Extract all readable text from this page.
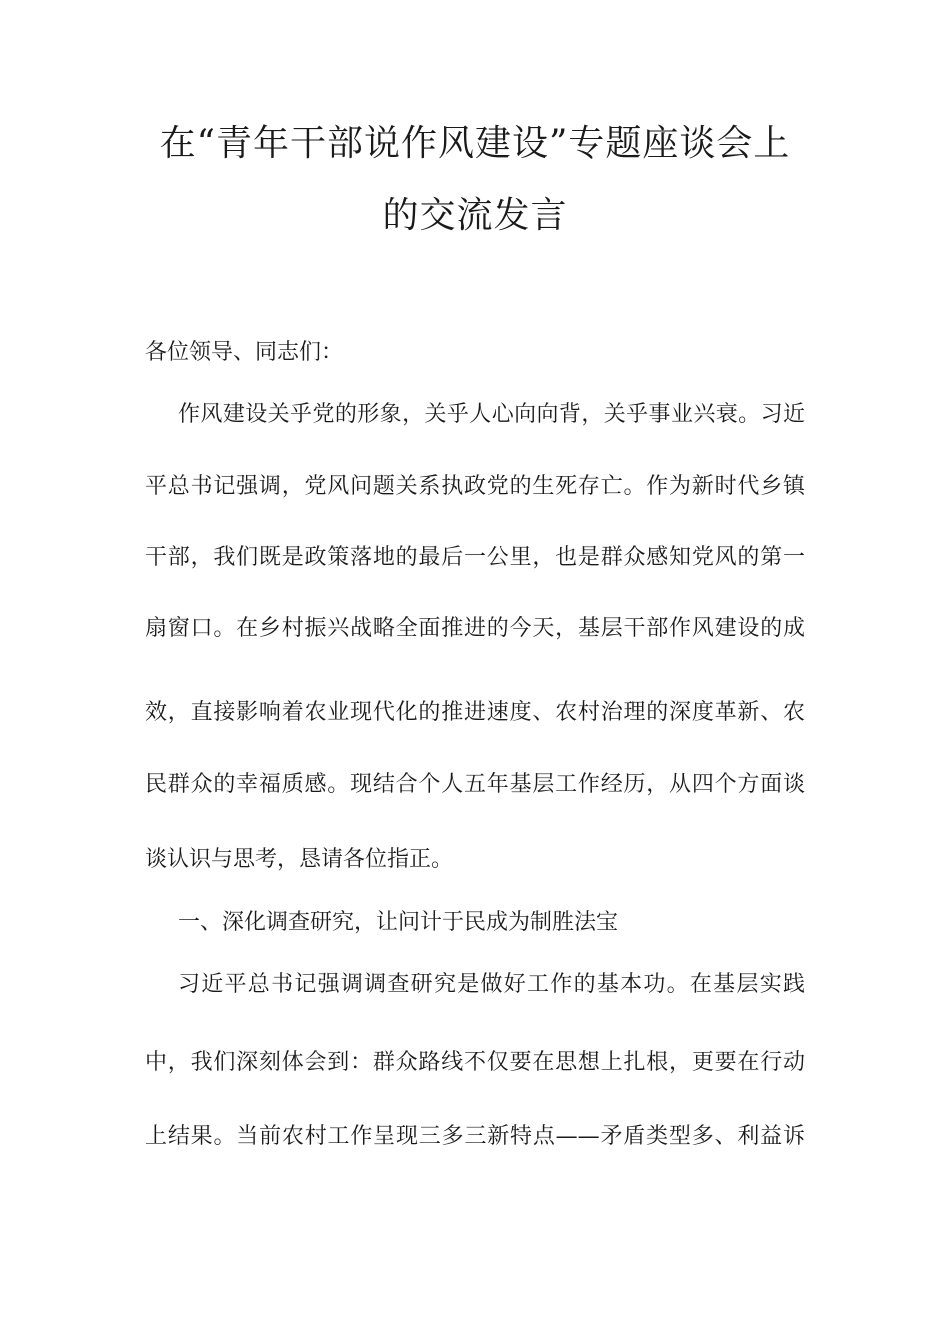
在“青年干部说作风建设”专题座谈会上
的交流发言
各位领导、同志们：
作风建设关乎党的形象，关乎人心向向背，关乎事业兴衰。习近
平总书记强调，党风问题关系执政党的生死存亡。作为新时代乡镇
干部，我们既是政策落地的最后一公里，也是群众感知党风的第一
扇窗口。在乡村振兴战略全面推进的今天，基层干部作风建设的成
效，直接影响着农业现代化的推进速度、农村治理的深度革新、农
民群众的幸福质感。现结合个人五年基层工作经历，从四个方面谈
谈认识与思考，恳请各位指正。
一、深化调查研究，让问计于民成为制胜法宝
习近平总书记强调调查研究是做好工作的基本功。在基层实践
中，我们深刻体会到：群众路线不仅要在思想上扎根，更要在行动
上结果。当前农村工作呈现三多三新特点——矛盾类型多、利益诉
